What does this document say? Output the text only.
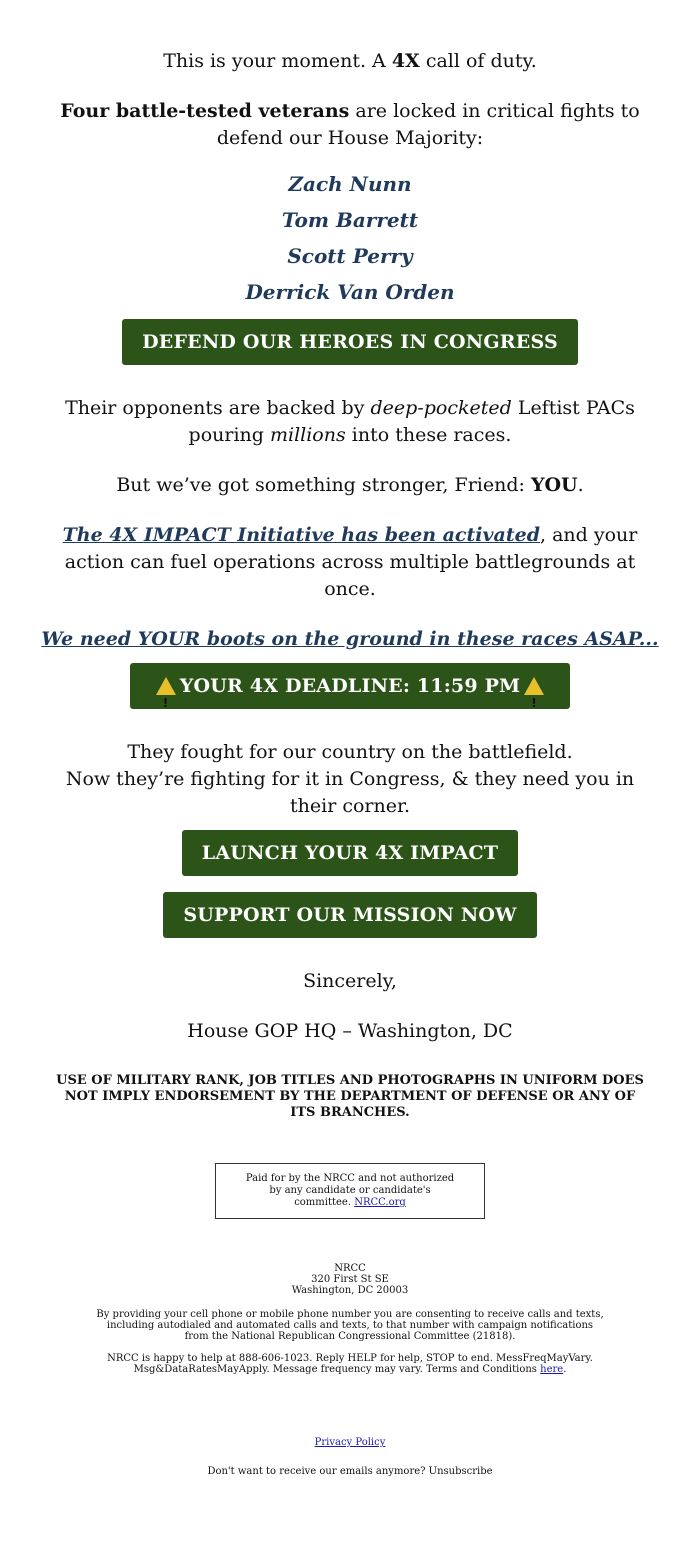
This is your moment. A 4X call of duty.

Four battle-tested veterans are locked in critical fights to defend our House Majority:

Zach Nunn
Tom Barrett
Scott Perry
Derrick Van Orden
DEFEND OUR HEROES IN CONGRESS

Their opponents are backed by deep-pocketed Leftist PACs pouring millions into these races.

But we’ve got something stronger, Friend: YOU.

The 4X IMPACT Initiative has been activated, and your action can fuel operations across multiple battlegrounds at once.

We need YOUR boots on the ground in these races ASAP...

!YOUR 4X DEADLINE: 11:59 PM!

They fought for our country on the battlefield.
Now they’re fighting for it in Congress, & they need you in their corner.

LAUNCH YOUR 4X IMPACT
SUPPORT OUR MISSION NOW

Sincerely,

House GOP HQ – Washington, DC

USE OF MILITARY RANK, JOB TITLES AND PHOTOGRAPHS IN UNIFORM DOES NOT IMPLY ENDORSEMENT BY THE DEPARTMENT OF DEFENSE OR ANY OF ITS BRANCHES.

Paid for by the NRCC and not authorized by any candidate or candidate's committee. NRCC.org

NRCC

320 First St SE

Washington, DC 20003

By providing your cell phone or mobile phone number you are consenting to receive calls and texts, including autodialed and automated calls and texts, to that number with campaign notifications from the National Republican Congressional Committee (21818).

NRCC is happy to help at 888-606-1023. Reply HELP for help, STOP to end. MessFreqMayVary. Msg&DataRatesMayApply. Message frequency may vary. Terms and Conditions here.

Privacy Policy

Don't want to receive our emails anymore? Unsubscribe
